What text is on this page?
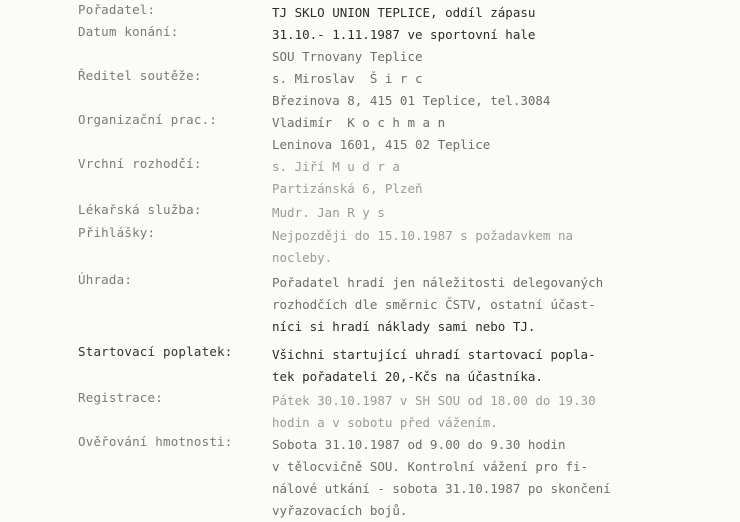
Pořadatel:	TJ SKLO UNION TEPLICE, oddíl zápasu
Datum konání:	31.10.- 1.11.1987 ve sportovní hale
SOU Trnovany Teplice
Ředitel soutěže:	s. Miroslav  Š i r c
Březinova 8, 415 01 Teplice, tel.3084
Organizační prac.:	Vladimír  K o c h m a n
Leninova 1601, 415 02 Teplice
Vrchní rozhodčí:	s. Jiří M u d r a
Partizánská 6, Plzeň
Lékařská služba:	Mudr. Jan R y s
Přihlášky:	Nejpozději do 15.10.1987 s požadavkem na
nocleby.
Úhrada:	Pořadatel hradí jen náležitosti delegovaných
rozhodčích dle směrnic ČSTV, ostatní účast-
níci si hradí náklady sami nebo TJ.
Startovací poplatek:	Všichni startující uhradí startovací popla-
tek pořadateli 20,-Kčs na účastníka.
Registrace:	Pátek 30.10.1987 v SH SOU od 18.00 do 19.30
hodin a v sobotu před vážením.
Ověřování hmotnosti:	Sobota 31.10.1987 od 9.00 do 9.30 hodin
v tělocvičně SOU. Kontrolní vážení pro fi-
nálové utkání - sobota 31.10.1987 po skončení
vyřazovacích bojů.
